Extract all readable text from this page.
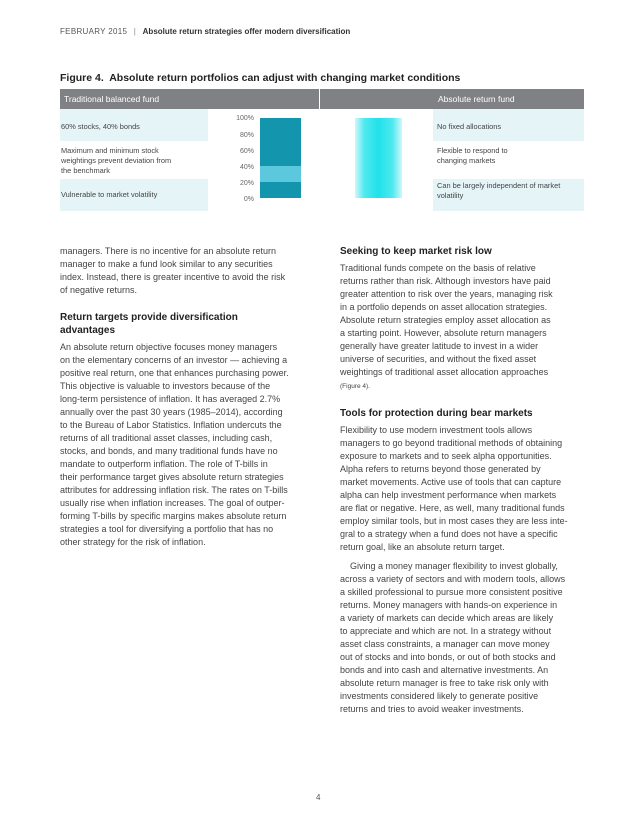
FEBRUARY 2015 | Absolute return strategies offer modern diversification
Figure 4.  Absolute return portfolios can adjust with changing market conditions
Traditional balanced fund	Absolute return fund
60% stocks, 40% bonds
Maximum and minimum stock weightings prevent deviation from the benchmark
Vulnerable to market volatility
No fixed allocations
Flexible to respond to changing markets
Can be largely independent of market volatility
100%
80%
60%
40%
20%
0%

managers. There is no incentive for an absolute return
manager to make a fund look similar to any securities
index. Instead, there is greater incentive to avoid the risk
of negative returns.

Return targets provide diversification
advantages

An absolute return objective focuses money managers
on the elementary concerns of an investor — achieving a
positive real return, one that enhances purchasing power.
This objective is valuable to investors because of the
long-term persistence of inflation. It has averaged 2.7%
annually over the past 30 years (1985–2014), according
to the Bureau of Labor Statistics. Inflation undercuts the
returns of all traditional asset classes, including cash,
stocks, and bonds, and many traditional funds have no
mandate to outperform inflation. The role of T-bills in
their performance target gives absolute return strategies
attributes for addressing inflation risk. The rates on T-bills
usually rise when inflation increases. The goal of outper-
forming T-bills by specific margins makes absolute return
strategies a tool for diversifying a portfolio that has no
other strategy for the risk of inflation.

Seeking to keep market risk low

Traditional funds compete on the basis of relative
returns rather than risk. Although investors have paid
greater attention to risk over the years, managing risk
in a portfolio depends on asset allocation strategies.
Absolute return strategies employ asset allocation as
a starting point. However, absolute return managers
generally have greater latitude to invest in a wider
universe of securities, and without the fixed asset
weightings of traditional asset allocation approaches
(Figure 4).

Tools for protection during bear markets

Flexibility to use modern investment tools allows
managers to go beyond traditional methods of obtaining
exposure to markets and to seek alpha opportunities.
Alpha refers to returns beyond those generated by
market movements. Active use of tools that can capture
alpha can help investment performance when markets
are flat or negative. Here, as well, many traditional funds
employ similar tools, but in most cases they are less inte-
gral to a strategy when a fund does not have a specific
return goal, like an absolute return target.

Giving a money manager flexibility to invest globally,
across a variety of sectors and with modern tools, allows
a skilled professional to pursue more consistent positive
returns. Money managers with hands-on experience in
a variety of markets can decide which areas are likely
to appreciate and which are not. In a strategy without
asset class constraints, a manager can move money
out of stocks and into bonds, or out of both stocks and
bonds and into cash and alternative investments. An
absolute return manager is free to take risk only with
investments considered likely to generate positive
returns and tries to avoid weaker investments.

4
